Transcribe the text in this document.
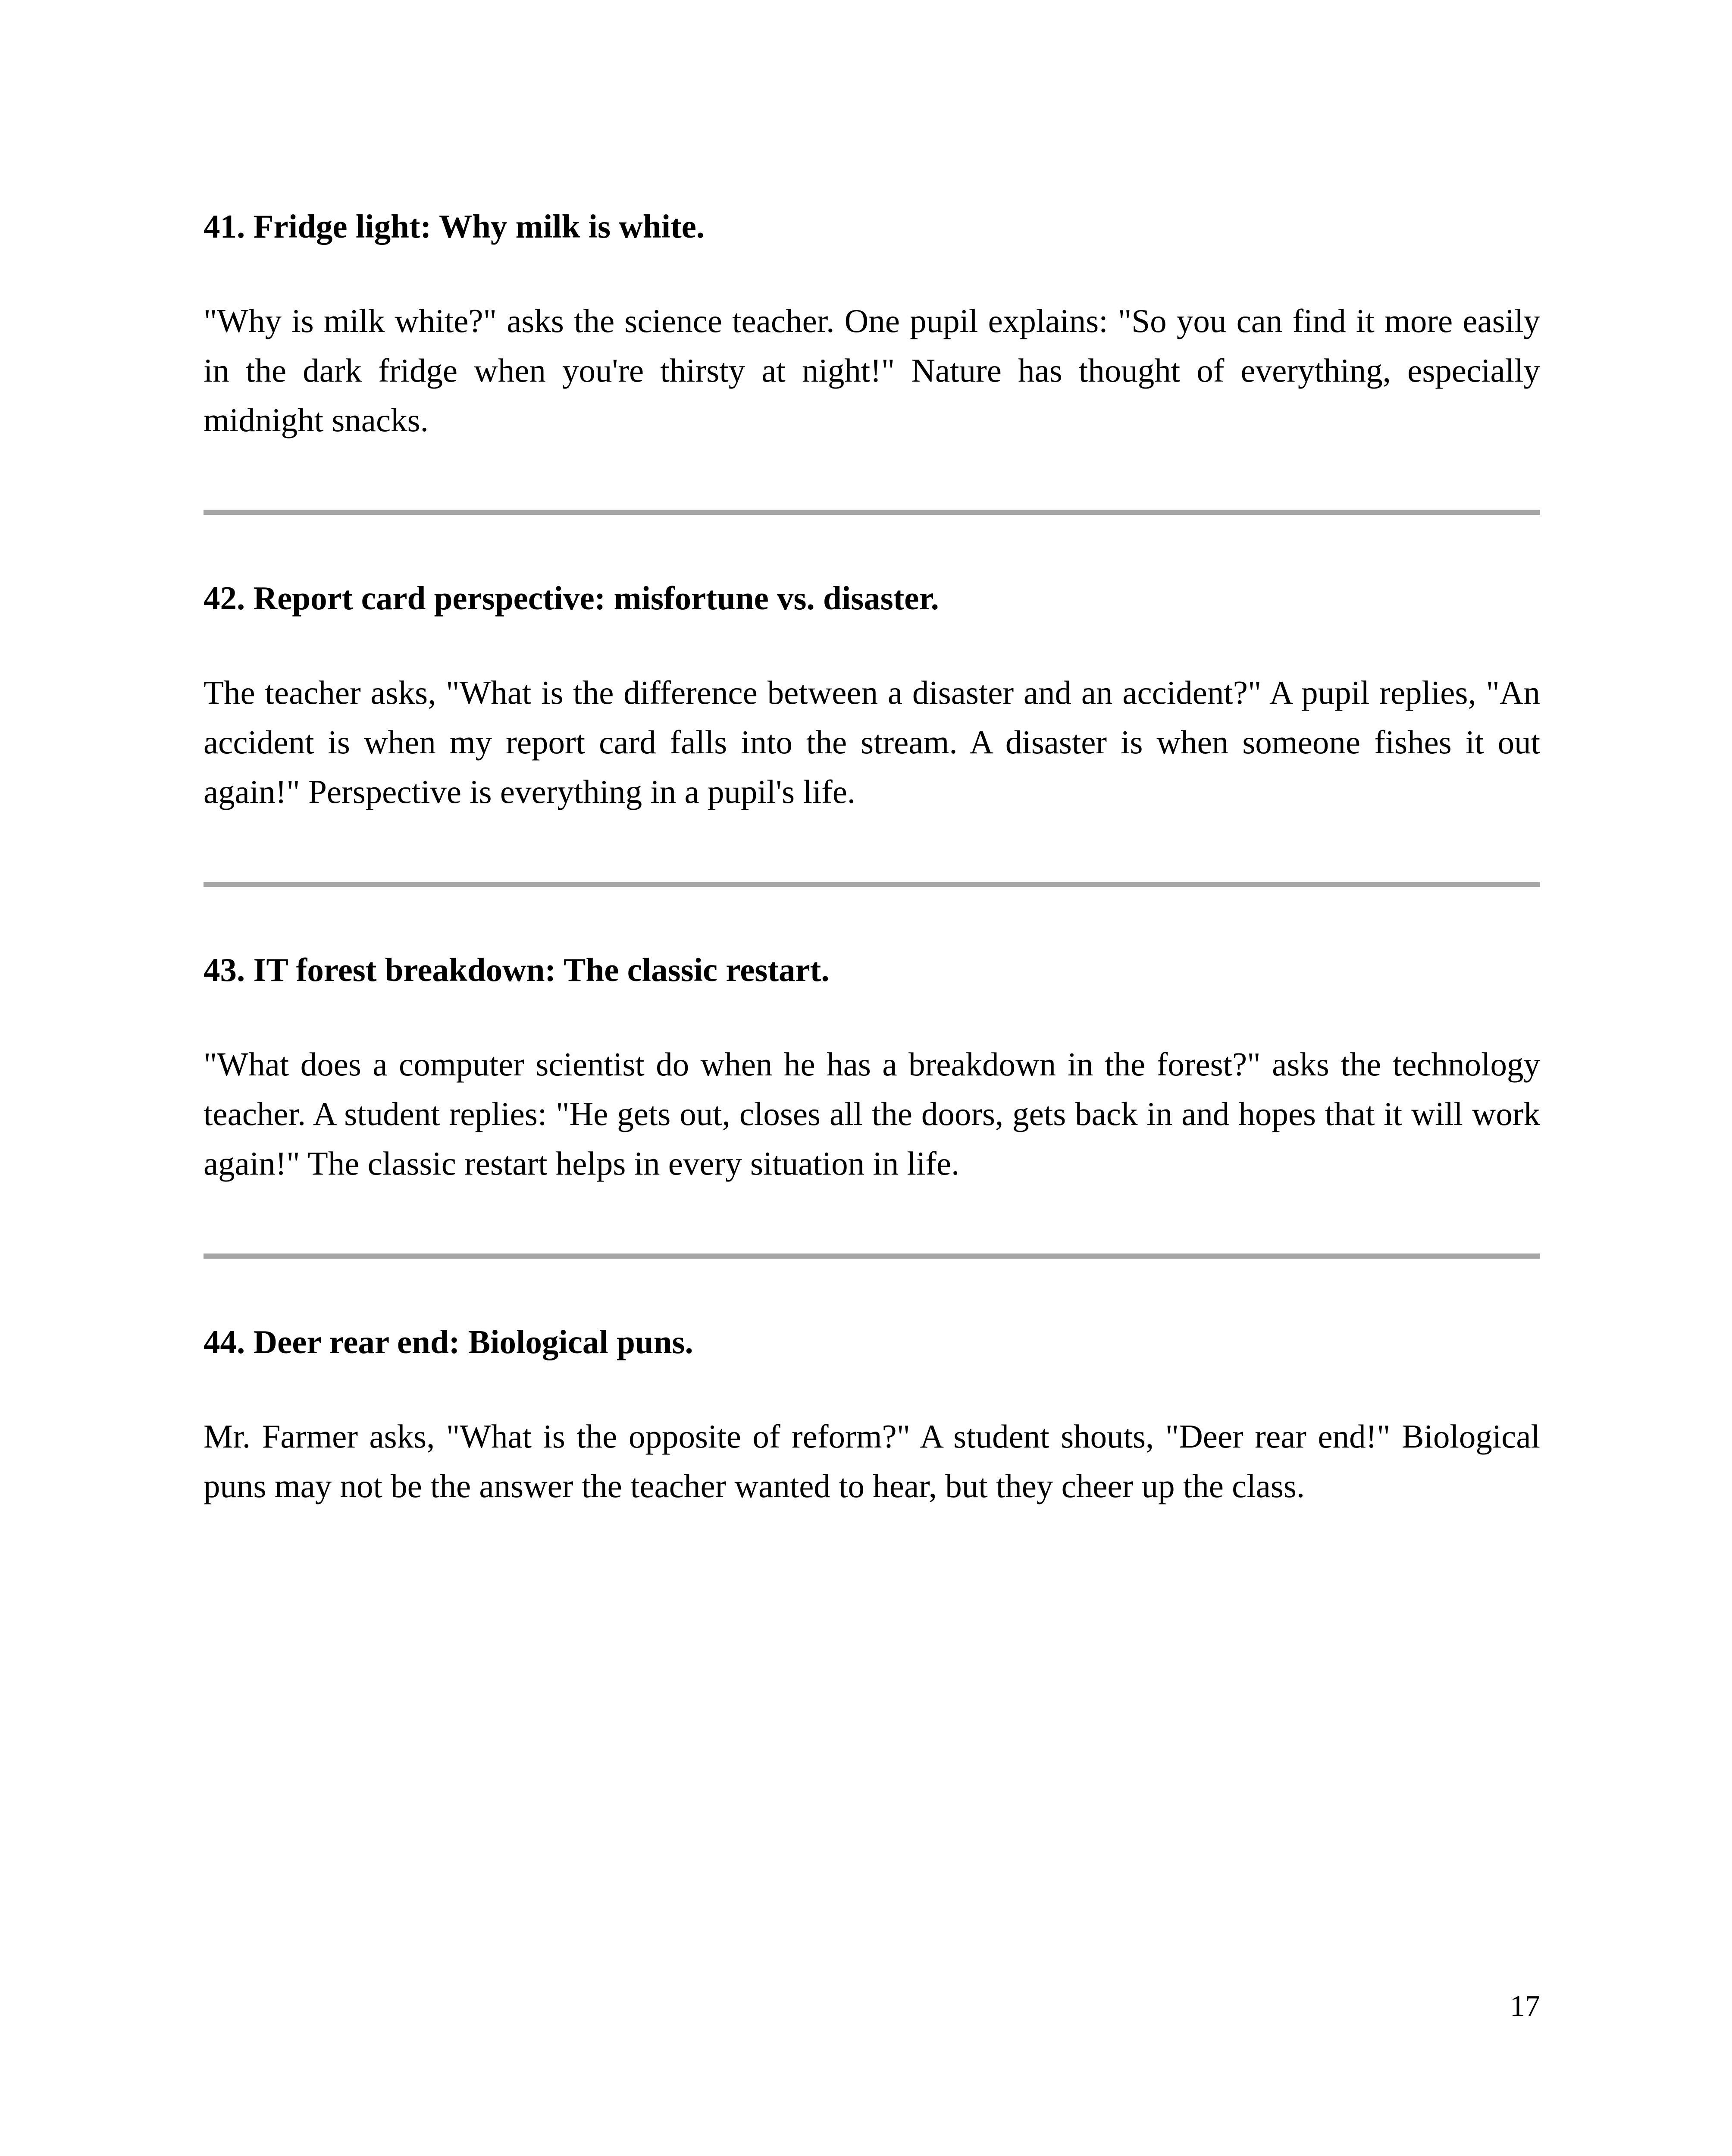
41. Fridge light: Why milk is white.

"Why is milk white?" asks the science teacher. One pupil explains: "So you can find it more easily in the dark fridge when you're thirsty at night!" Nature has thought of everything, especially midnight snacks.

42. Report card perspective: misfortune vs. disaster.

The teacher asks, "What is the difference between a disaster and an accident?" A pupil replies, "An accident is when my report card falls into the stream. A disaster is when someone fishes it out again!" Perspective is everything in a pupil's life.

43. IT forest breakdown: The classic restart.

"What does a computer scientist do when he has a breakdown in the forest?" asks the technology teacher. A student replies: "He gets out, closes all the doors, gets back in and hopes that it will work again!" The classic restart helps in every situation in life.

44. Deer rear end: Biological puns.

Mr. Farmer asks, "What is the opposite of reform?" A student shouts, "Deer rear end!" Biological puns may not be the answer the teacher wanted to hear, but they cheer up the class.

17
